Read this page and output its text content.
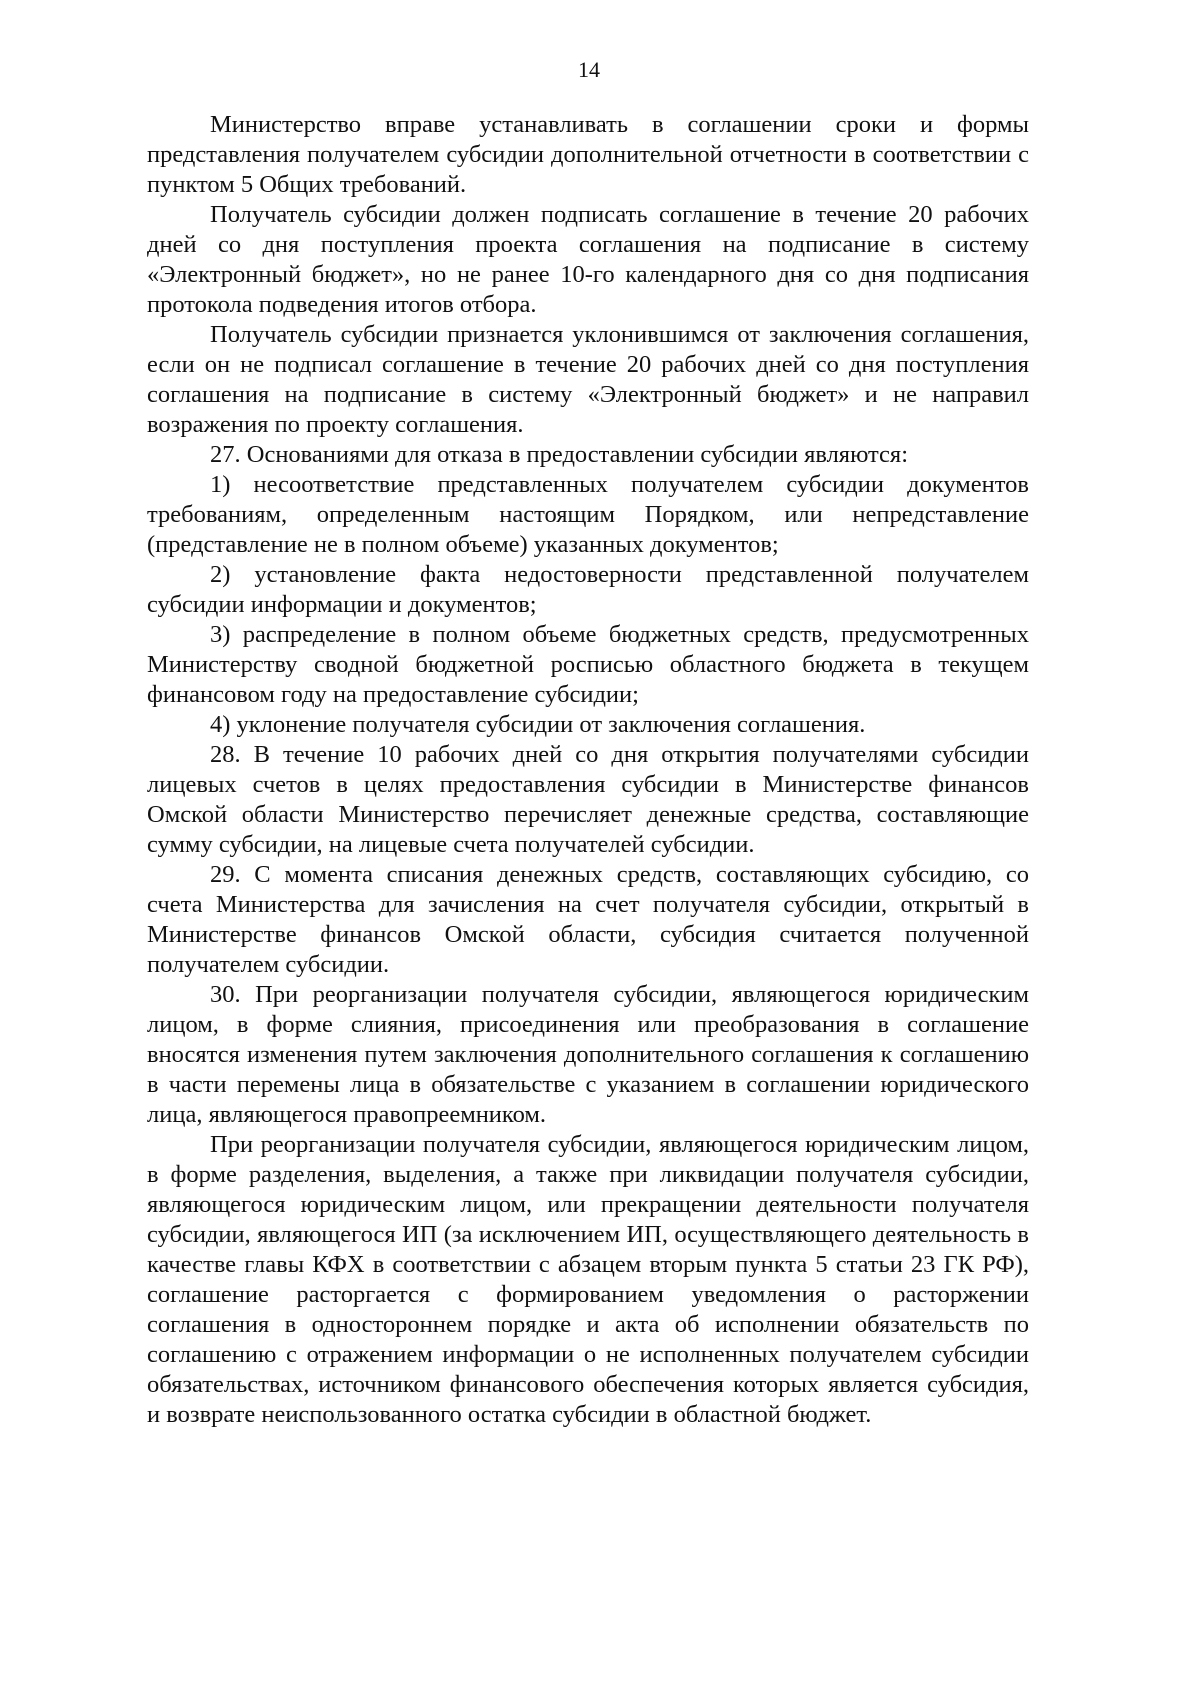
14

Министерство вправе устанавливать в соглашении сроки и формы представления получателем субсидии дополнительной отчетности в соответствии с пунктом 5 Общих требований.

Получатель субсидии должен подписать соглашение в течение 20 рабочих дней со дня поступления проекта соглашения на подписание в систему «Электронный бюджет», но не ранее 10-го календарного дня со дня подписания протокола подведения итогов отбора.

Получатель субсидии признается уклонившимся от заключения соглашения, если он не подписал соглашение в течение 20 рабочих дней со дня поступления соглашения на подписание в систему «Электронный бюджет» и не направил возражения по проекту соглашения.

27. Основаниями для отказа в предоставлении субсидии являются:

1) несоответствие представленных получателем субсидии документов требованиям, определенным настоящим Порядком, или непредставление (представление не в полном объеме) указанных документов;

2) установление факта недостоверности представленной получателем субсидии информации и документов;

3) распределение в полном объеме бюджетных средств, предусмотренных Министерству сводной бюджетной росписью областного бюджета в текущем финансовом году на предоставление субсидии;

4) уклонение получателя субсидии от заключения соглашения.

28. В течение 10 рабочих дней со дня открытия получателями субсидии лицевых счетов в целях предоставления субсидии в Министерстве финансов Омской области Министерство перечисляет денежные средства, составляющие сумму субсидии, на лицевые счета получателей субсидии.

29. С момента списания денежных средств, составляющих субсидию, со счета Министерства для зачисления на счет получателя субсидии, открытый в Министерстве финансов Омской области, субсидия считается полученной получателем субсидии.

30. При реорганизации получателя субсидии, являющегося юридическим лицом, в форме слияния, присоединения или преобразования в соглашение вносятся изменения путем заключения дополнительного соглашения к соглашению в части перемены лица в обязательстве с указанием в соглашении юридического лица, являющегося правопреемником.

При реорганизации получателя субсидии, являющегося юридическим лицом, в форме разделения, выделения, а также при ликвидации получателя субсидии, являющегося юридическим лицом, или прекращении деятельности получателя субсидии, являющегося ИП (за исключением ИП, осуществляющего деятельность в качестве главы КФХ в соответствии с абзацем вторым пункта 5 статьи 23 ГК РФ), соглашение расторгается с формированием уведомления о расторжении соглашения в одностороннем порядке и акта об исполнении обязательств по соглашению с отражением информации о не исполненных получателем субсидии обязательствах, источником финансового обеспечения которых является субсидия, и возврате неиспользованного остатка субсидии в областной бюджет.
